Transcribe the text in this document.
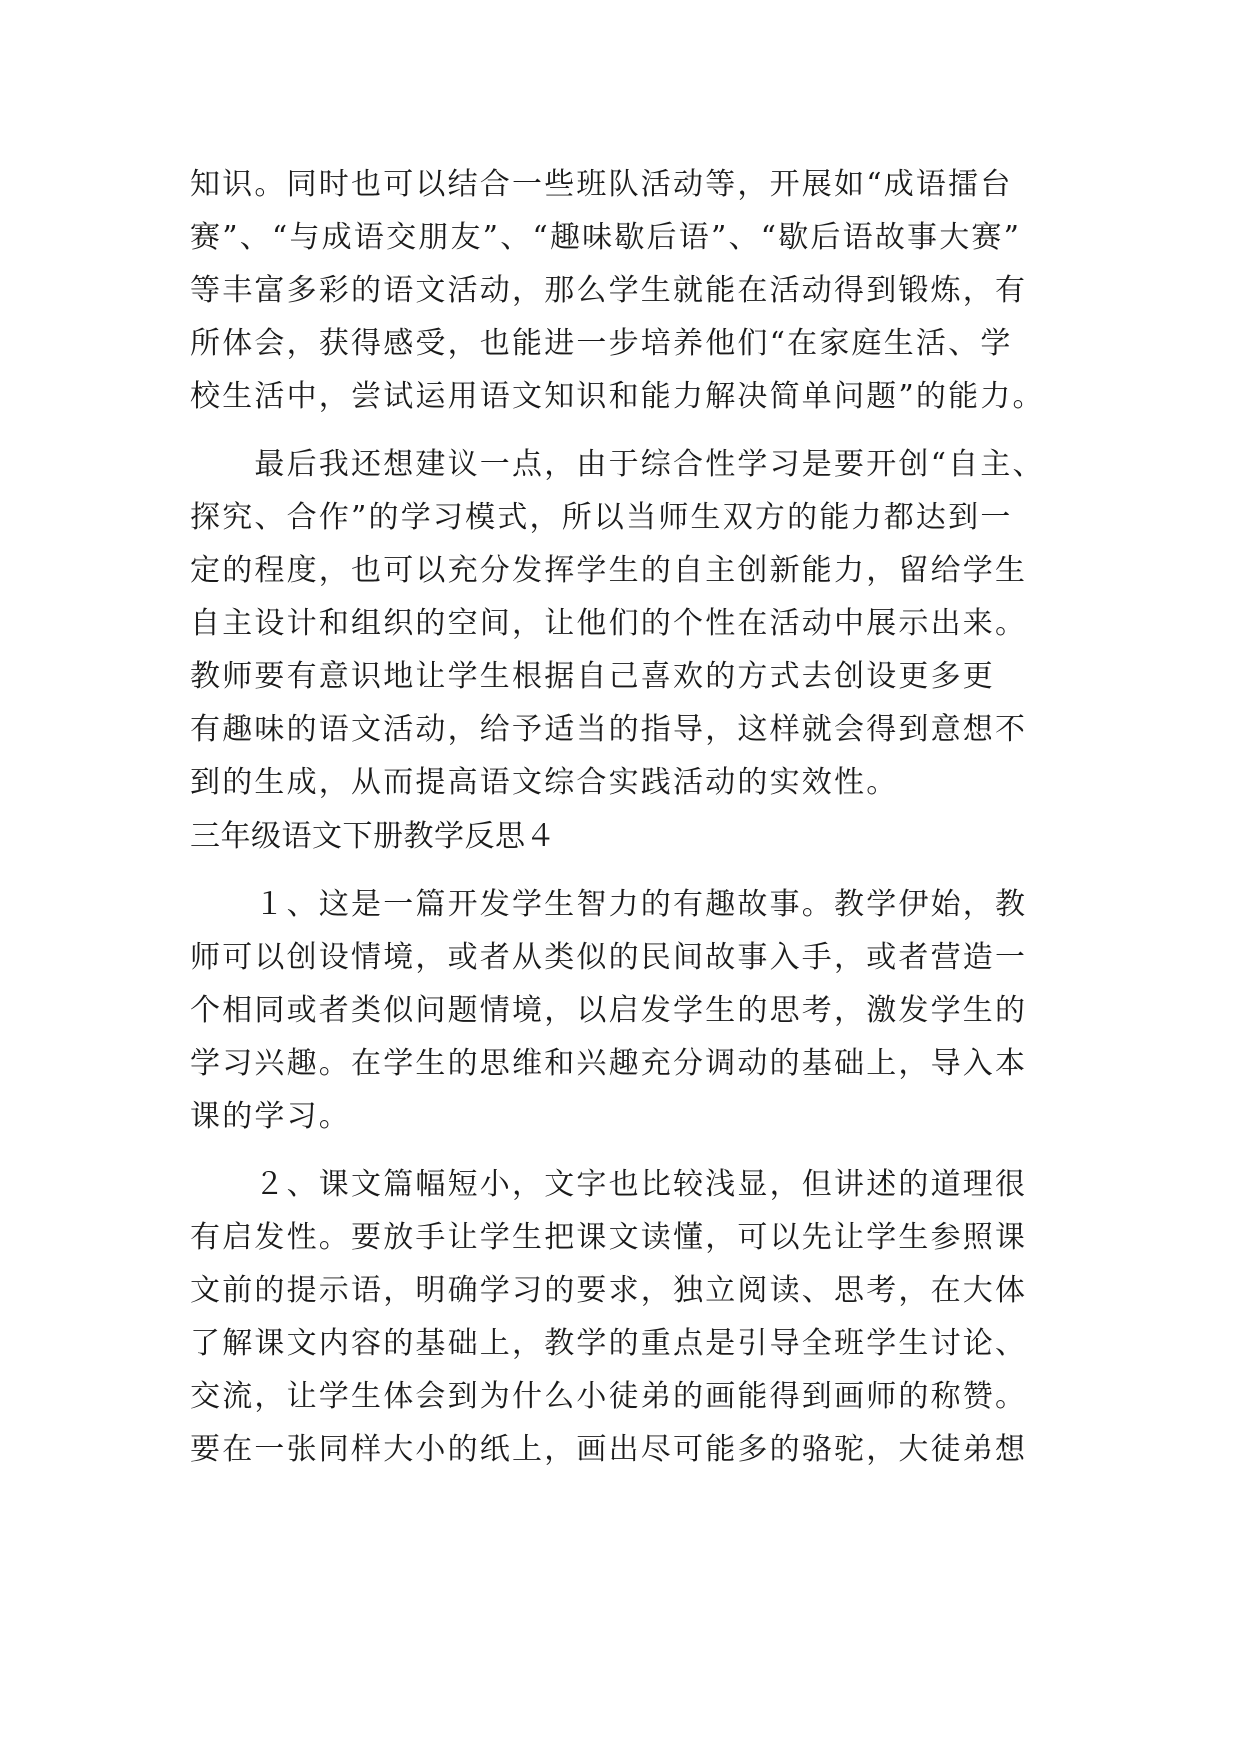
知识。同时也可以结合一些班队活动等，开展如“成语擂台
赛”、“与成语交朋友”、“趣味歇后语”、“歇后语故事大赛”
等丰富多彩的语文活动，那么学生就能在活动得到锻炼，有
所体会，获得感受，也能进一步培养他们“在家庭生活、学
校生活中，尝试运用语文知识和能力解决简单问题”的能力。
　　最后我还想建议一点，由于综合性学习是要开创“自主、
探究、合作”的学习模式，所以当师生双方的能力都达到一
定的程度，也可以充分发挥学生的自主创新能力，留给学生
自主设计和组织的空间，让他们的个性在活动中展示出来。
教师要有意识地让学生根据自己喜欢的方式去创设更多更
有趣味的语文活动，给予适当的指导，这样就会得到意想不
到的生成，从而提高语文综合实践活动的实效性。
三年级语文下册教学反思４
　　１、这是一篇开发学生智力的有趣故事。教学伊始，教
师可以创设情境，或者从类似的民间故事入手，或者营造一
个相同或者类似问题情境，以启发学生的思考，激发学生的
学习兴趣。在学生的思维和兴趣充分调动的基础上，导入本
课的学习。
　　２、课文篇幅短小，文字也比较浅显，但讲述的道理很
有启发性。要放手让学生把课文读懂，可以先让学生参照课
文前的提示语，明确学习的要求，独立阅读、思考，在大体
了解课文内容的基础上，教学的重点是引导全班学生讨论、
交流，让学生体会到为什么小徒弟的画能得到画师的称赞。
要在一张同样大小的纸上，画出尽可能多的骆驼，大徒弟想
